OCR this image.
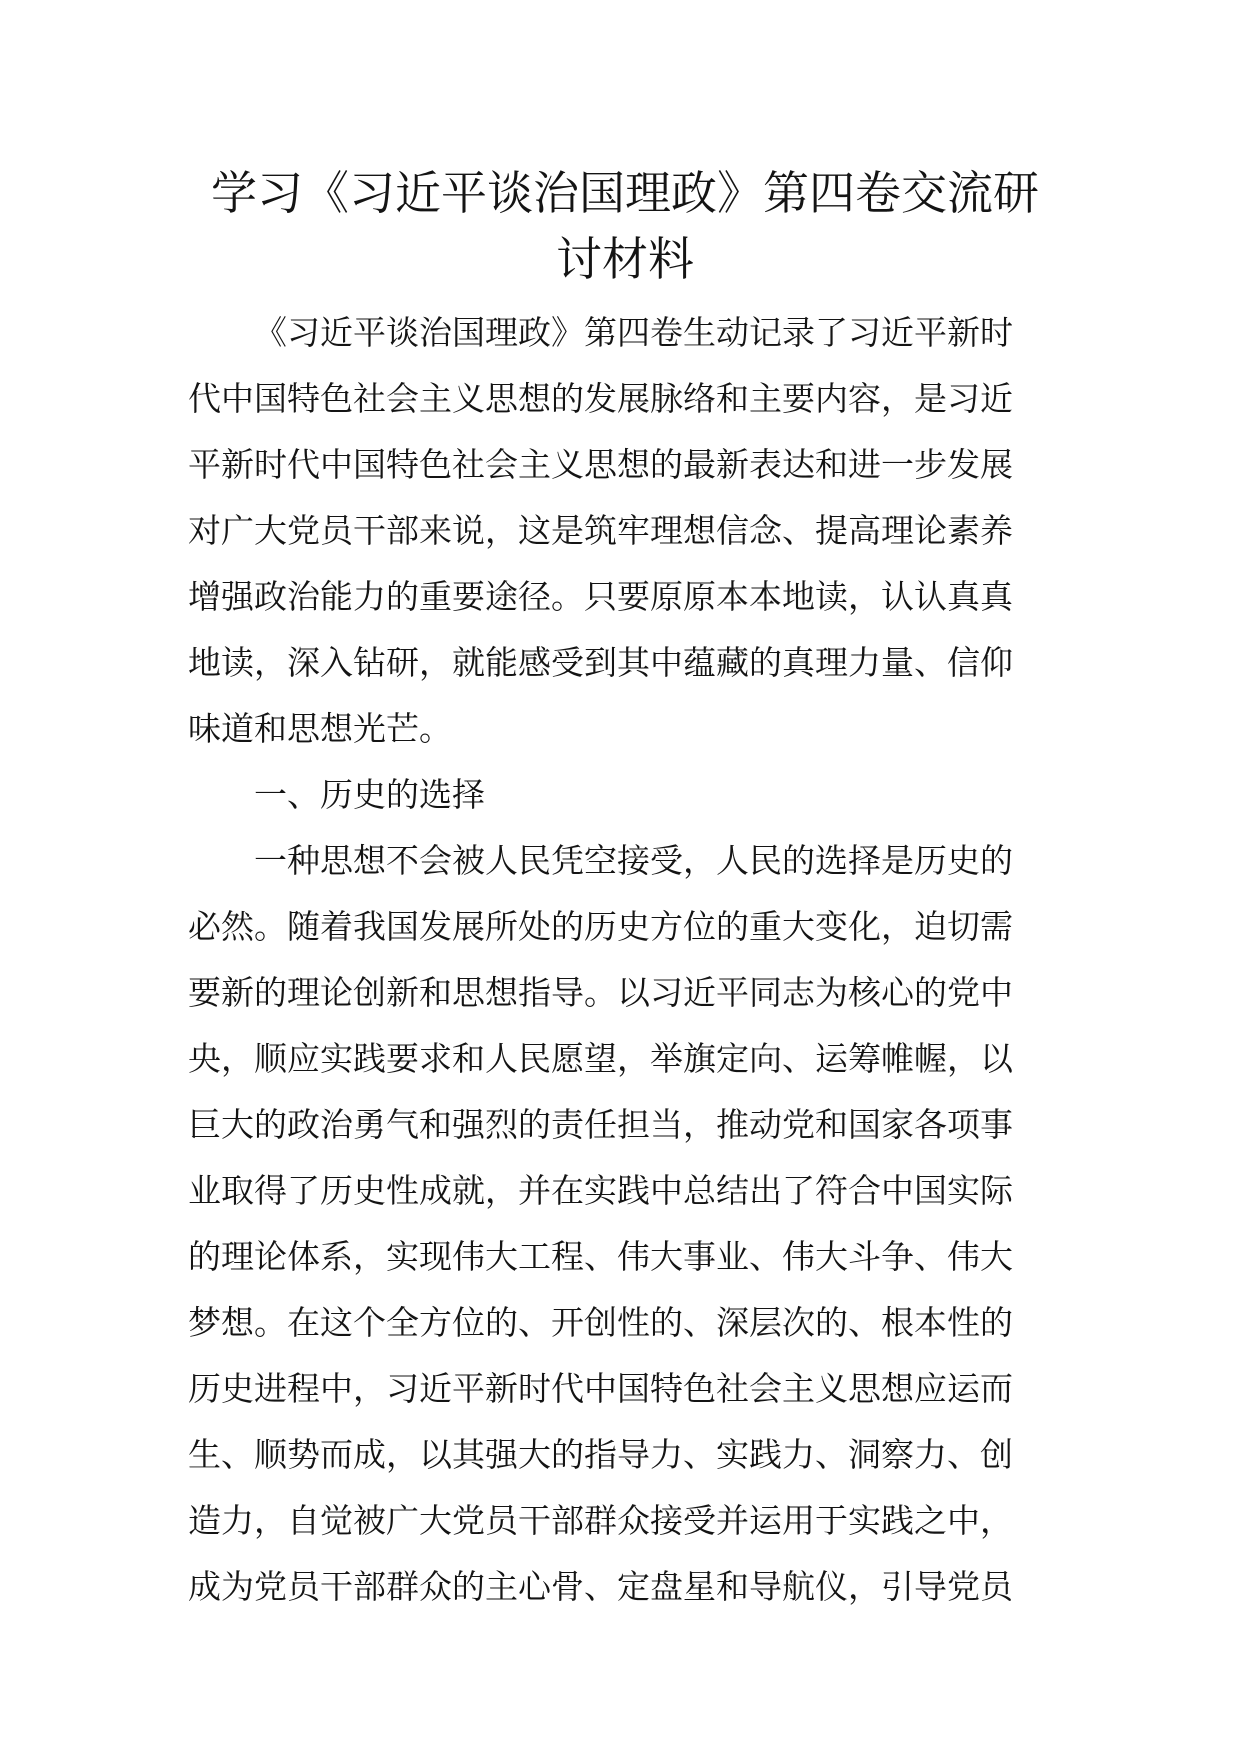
学习《习近平谈治国理政》第四卷交流研
讨材料
《习近平谈治国理政》第四卷生动记录了习近平新时
代中国特色社会主义思想的发展脉络和主要内容，是习近
平新时代中国特色社会主义思想的最新表达和进一步发展
对广大党员干部来说，这是筑牢理想信念、提高理论素养
增强政治能力的重要途径。只要原原本本地读，认认真真
地读，深入钻研，就能感受到其中蕴藏的真理力量、信仰
味道和思想光芒。
一、历史的选择
一种思想不会被人民凭空接受，人民的选择是历史的
必然。随着我国发展所处的历史方位的重大变化，迫切需
要新的理论创新和思想指导。以习近平同志为核心的党中
央，顺应实践要求和人民愿望，举旗定向、运筹帷幄，以
巨大的政治勇气和强烈的责任担当，推动党和国家各项事
业取得了历史性成就，并在实践中总结出了符合中国实际
的理论体系，实现伟大工程、伟大事业、伟大斗争、伟大
梦想。在这个全方位的、开创性的、深层次的、根本性的
历史进程中，习近平新时代中国特色社会主义思想应运而
生、顺势而成，以其强大的指导力、实践力、洞察力、创
造力，自觉被广大党员干部群众接受并运用于实践之中，
成为党员干部群众的主心骨、定盘星和导航仪，引导党员
